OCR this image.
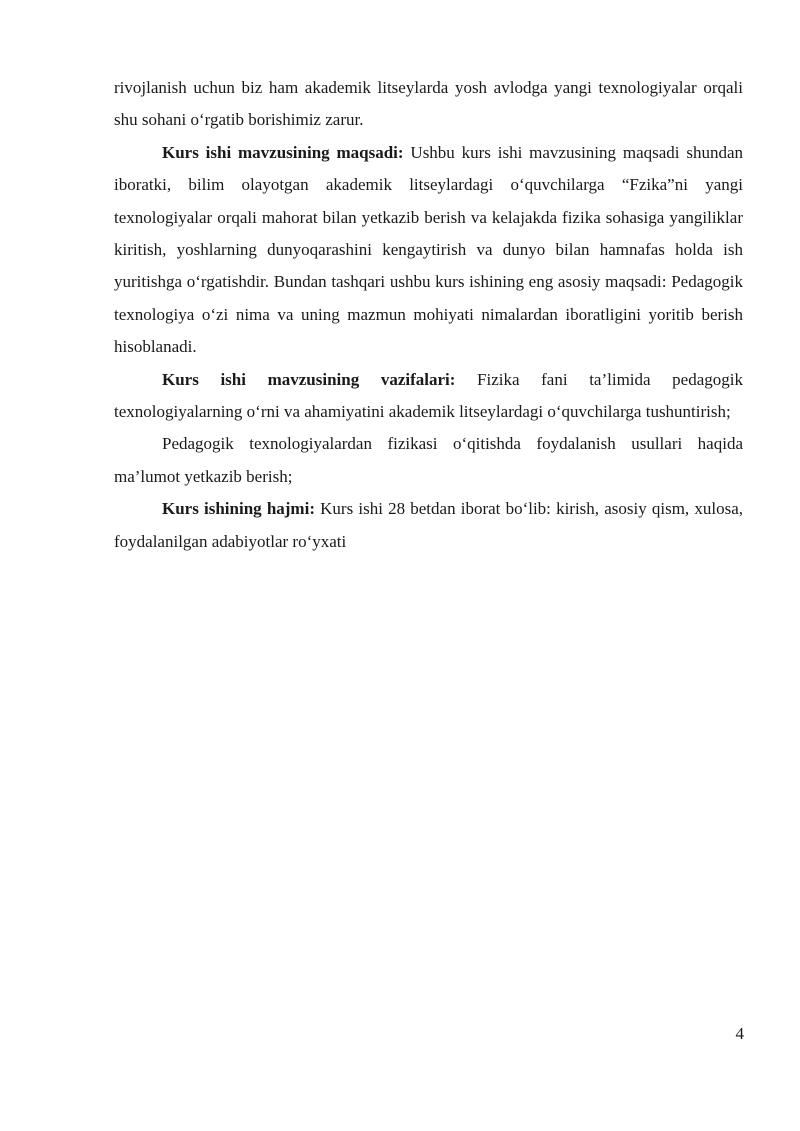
rivojlanish uchun biz ham akademik litseylarda yosh avlodga yangi texnologiyalar orqali shu sohani o‘rgatib borishimiz zarur.

Kurs ishi mavzusining maqsadi: Ushbu kurs ishi mavzusining maqsadi shundan iboratki, bilim olayotgan akademik litseylardagi o‘quvchilarga “Fzika”ni yangi texnologiyalar orqali mahorat bilan yetkazib berish va kelajakda fizika sohasiga yangiliklar kiritish, yoshlarning dunyoqarashini kengaytirish va dunyo bilan hamnafas holda ish yuritishga o‘rgatishdir. Bundan tashqari ushbu kurs ishining eng asosiy maqsadi: Pedagogik texnologiya o‘zi nima va uning mazmun mohiyati nimalardan iboratligini yoritib berish hisoblanadi.

Kurs ishi mavzusining vazifalari: Fizika fani ta’limida pedagogik texnologiyalarning o‘rni va ahamiyatini akademik litseylardagi o‘quvchilarga tushuntirish;

Pedagogik texnologiyalardan fizikasi o‘qitishda foydalanish usullari haqida ma’lumot yetkazib berish;

Kurs ishining hajmi: Kurs ishi 28 betdan iborat bo‘lib: kirish, asosiy qism, xulosa, foydalanilgan adabiyotlar ro‘yxati

4
